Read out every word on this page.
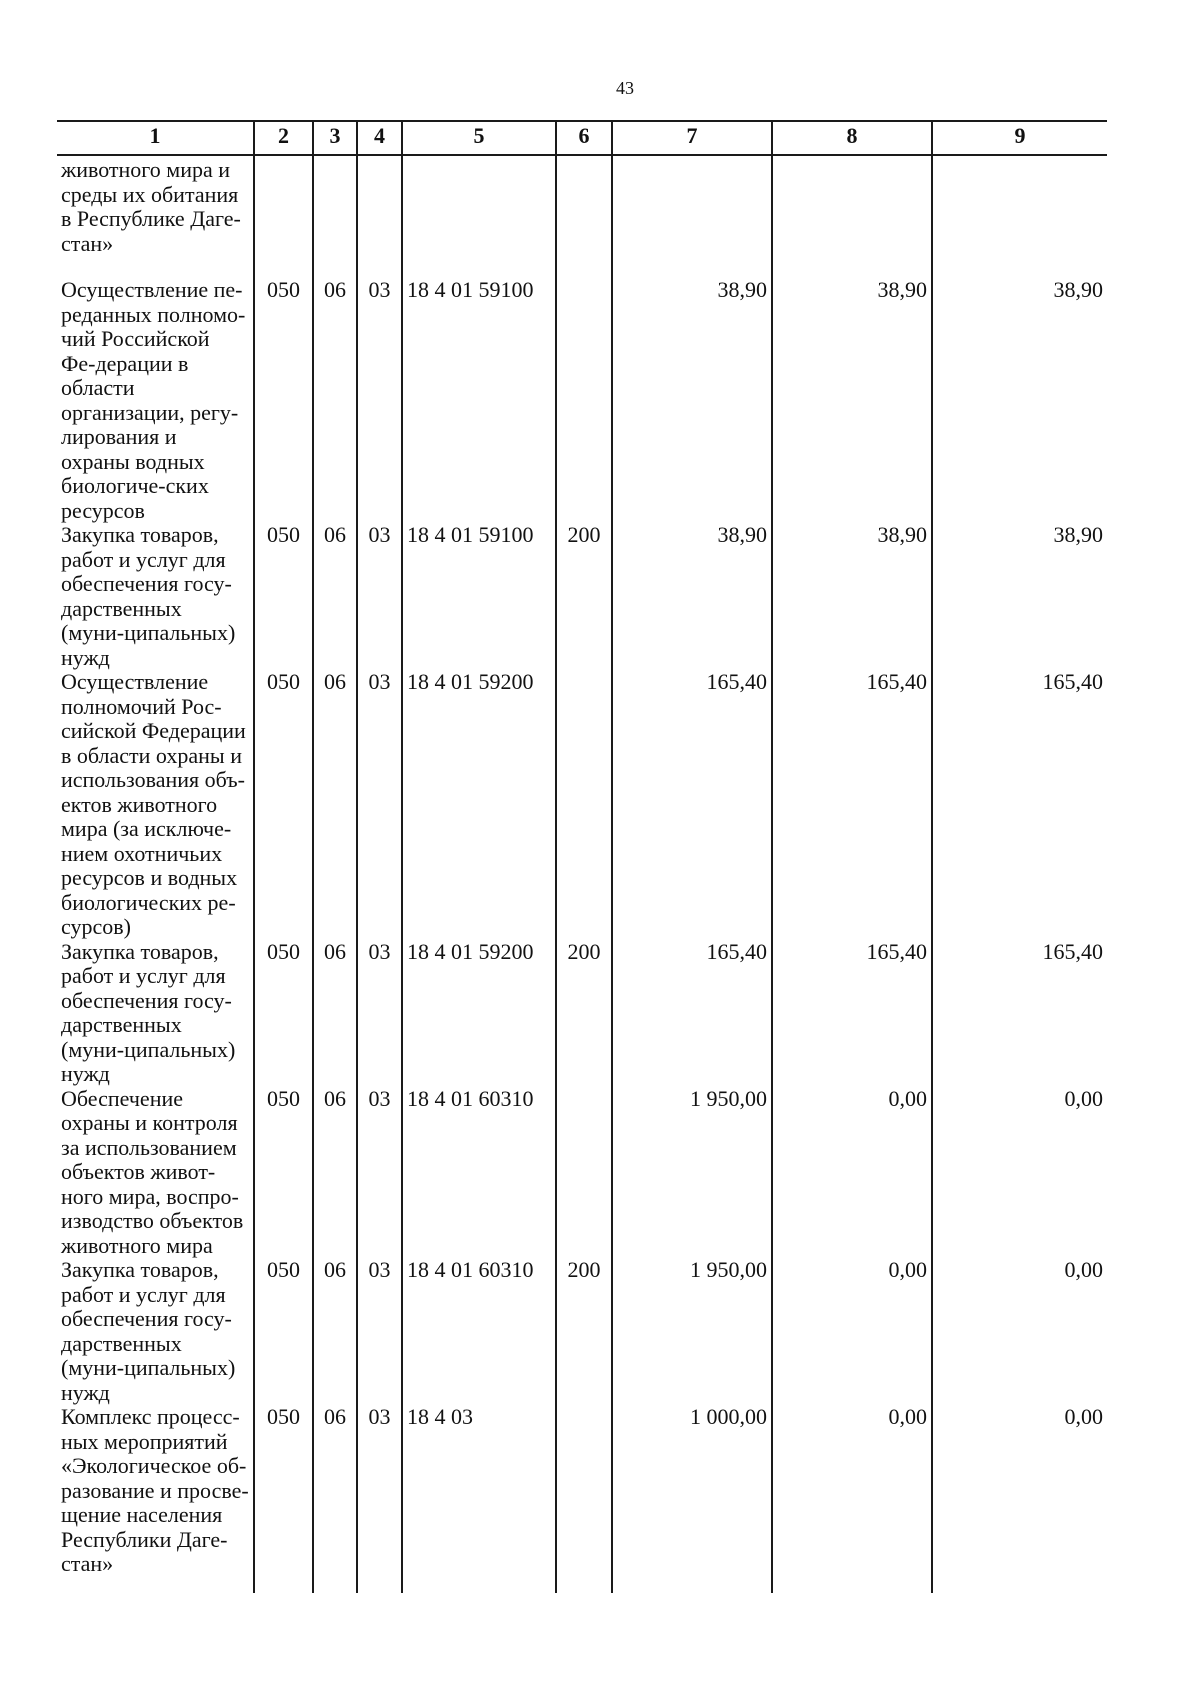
43
1	2	3	4	5	6	7	8	9
животного мира и среды их обитания в Республике Даге-стан»								
Осуществление пе-реданных полномо-чий Российской Фе-дерации в области организации, регу-лирования и охраны водных биологиче-ских ресурсов	050	06	03	18 4 01 59100		38,90	38,90	38,90
Закупка товаров, работ и услуг для обеспечения госу-дарственных (муни-ципальных) нужд	050	06	03	18 4 01 59100	200	38,90	38,90	38,90
Осуществление полномочий Рос-сийской Федерации в области охраны и использования объ-ектов животного мира (за исключе-нием охотничьих ресурсов и водных биологических ре-сурсов)	050	06	03	18 4 01 59200		165,40	165,40	165,40
Закупка товаров, работ и услуг для обеспечения госу-дарственных (муни-ципальных) нужд	050	06	03	18 4 01 59200	200	165,40	165,40	165,40
Обеспечение охраны и контроля за использованием объектов живот-ного мира, воспро-изводство объектов животного мира	050	06	03	18 4 01 60310		1 950,00	0,00	0,00
Закупка товаров, работ и услуг для обеспечения госу-дарственных (муни-ципальных) нужд	050	06	03	18 4 01 60310	200	1 950,00	0,00	0,00
Комплекс процесс-ных мероприятий «Экологическое об-разование и просве-щение населения Республики Даге-стан»	050	06	03	18 4 03		1 000,00	0,00	0,00
